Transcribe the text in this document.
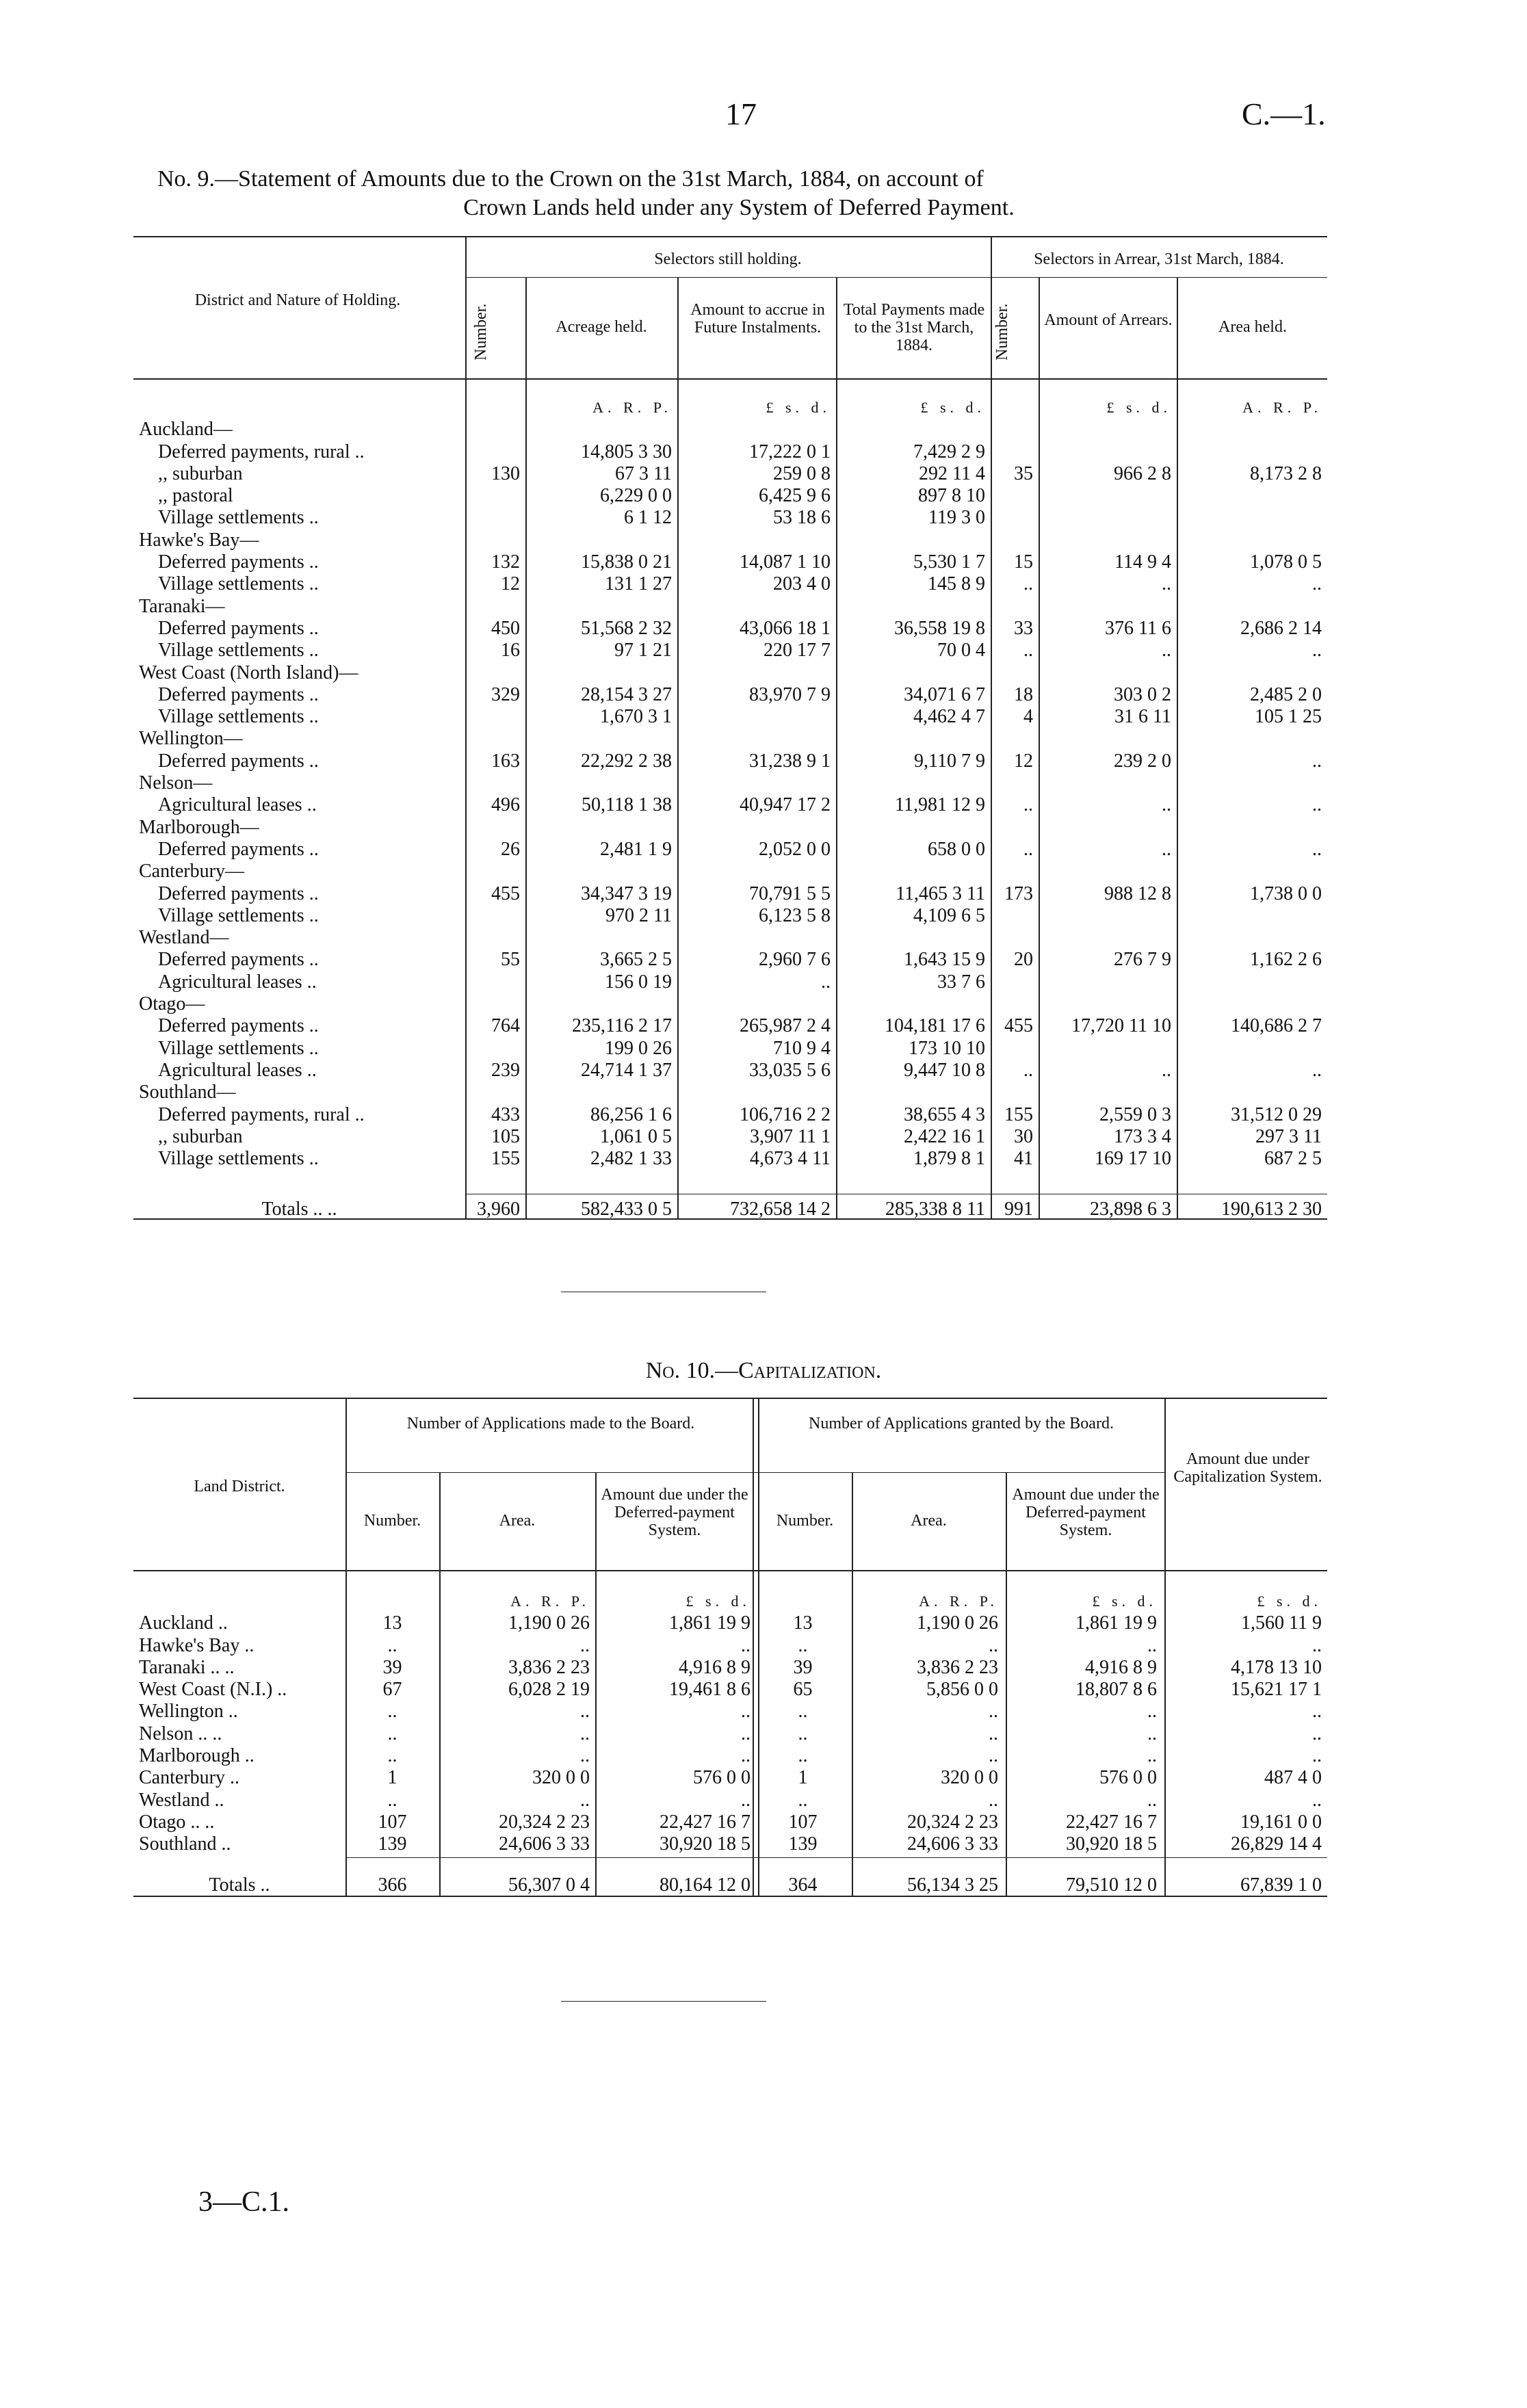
17	C.—1.
No. 9.—Statement of Amounts due to the Crown on the 31st March, 1884, on account of
Crown Lands held under any System of Deferred Payment.
Selectors still holding.	Selectors in Arrear, 31st March, 1884.
District and Nature of Holding.
Number.	Acreage held.
Amount to accrue in Future Instalments.
Total Payments made to the 31st March, 1884.	Number.	Amount of Arrears.	Area held.
		A. R. P.	£ s. d.	£ s. d.		£ s. d.	A. R. P.
Auckland—							
Deferred payments, rural ..		14,805 3 30	17,222 0 1	7,429 2 9			
,, suburban	130	67 3 11	259 0 8	292 11 4	35	966 2 8	8,173 2 8
,, pastoral		6,229 0 0	6,425 9 6	897 8 10			
Village settlements ..		6 1 12	53 18 6	119 3 0			
Hawke's Bay—							
Deferred payments ..	132	15,838 0 21	14,087 1 10	5,530 1 7	15	114 9 4	1,078 0 5
Village settlements ..	12	131 1 27	203 4 0	145 8 9	..	..	..
Taranaki—							
Deferred payments ..	450	51,568 2 32	43,066 18 1	36,558 19 8	33	376 11 6	2,686 2 14
Village settlements ..	16	97 1 21	220 17 7	70 0 4	..	..	..
West Coast (North Island)—							
Deferred payments ..	329	28,154 3 27	83,970 7 9	34,071 6 7	18	303 0 2	2,485 2 0
Village settlements ..		1,670 3 1		4,462 4 7	4	31 6 11	105 1 25
Wellington—							
Deferred payments ..	163	22,292 2 38	31,238 9 1	9,110 7 9	12	239 2 0	..
Nelson—							
Agricultural leases ..	496	50,118 1 38	40,947 17 2	11,981 12 9	..	..	..
Marlborough—							
Deferred payments ..	26	2,481 1 9	2,052 0 0	658 0 0	..	..	..
Canterbury—							
Deferred payments ..	455	34,347 3 19	70,791 5 5	11,465 3 11	173	988 12 8	1,738 0 0
Village settlements ..		970 2 11	6,123 5 8	4,109 6 5			
Westland—							
Deferred payments ..	55	3,665 2 5	2,960 7 6	1,643 15 9	20	276 7 9	1,162 2 6
Agricultural leases ..		156 0 19	..	33 7 6			
Otago—							
Deferred payments ..	764	235,116 2 17	265,987 2 4	104,181 17 6	455	17,720 11 10	140,686 2 7
Village settlements ..		199 0 26	710 9 4	173 10 10			
Agricultural leases ..	239	24,714 1 37	33,035 5 6	9,447 10 8	..	..	..
Southland—							
Deferred payments, rural ..	433	86,256 1 6	106,716 2 2	38,655 4 3	155	2,559 0 3	31,512 0 29
,, suburban	105	1,061 0 5	3,907 11 1	2,422 16 1	30	173 3 4	297 3 11
Village settlements ..	155	2,482 1 33	4,673 4 11	1,879 8 1	41	169 17 10	687 2 5
Totals .. ..	3,960	582,433 0 5	732,658 14 2	285,338 8 11	991	23,898 6 3	190,613 2 30
No. 10.—Capitalization.
Land District.
Number of Applications made to the Board.	Number of Applications granted by the Board.
Amount due under Capitalization System.
Number.	Area.
Amount due under the Deferred-payment System.
Number.	Area.
Amount due under the Deferred-payment System.
		A. R. P.	£ s. d.		A. R. P.	£ s. d.	£ s. d.
Auckland ..	13	1,190 0 26	1,861 19 9	13	1,190 0 26	1,861 19 9	1,560 11 9
Hawke's Bay ..	..	..	..	..	..	..	..
Taranaki .. ..	39	3,836 2 23	4,916 8 9	39	3,836 2 23	4,916 8 9	4,178 13 10
West Coast (N.I.) ..	67	6,028 2 19	19,461 8 6	65	5,856 0 0	18,807 8 6	15,621 17 1
Wellington ..	..	..	..	..	..	..	..
Nelson .. ..	..	..	..	..	..	..	..
Marlborough ..	..	..	..	..	..	..	..
Canterbury ..	1	320 0 0	576 0 0	1	320 0 0	576 0 0	487 4 0
Westland ..	..	..	..	..	..	..	..
Otago .. ..	107	20,324 2 23	22,427 16 7	107	20,324 2 23	22,427 16 7	19,161 0 0
Southland ..	139	24,606 3 33	30,920 18 5	139	24,606 3 33	30,920 18 5	26,829 14 4
Totals ..	366	56,307 0 4	80,164 12 0	364	56,134 3 25	79,510 12 0	67,839 1 0
3—C.1.
